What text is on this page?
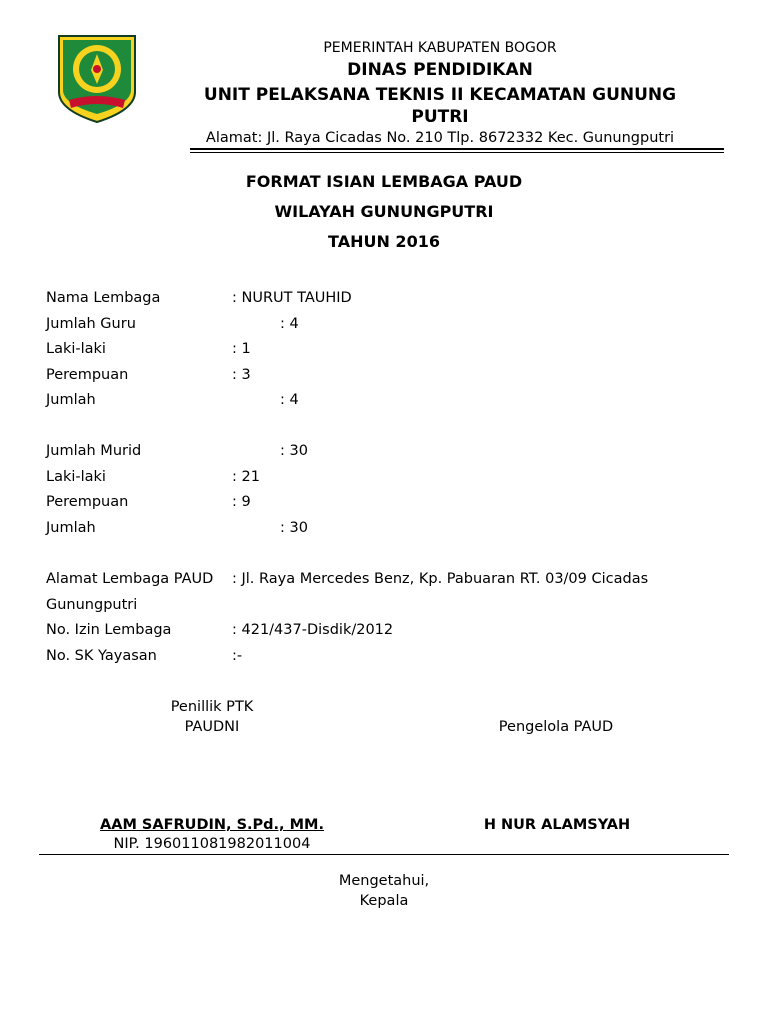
PEMERINTAH KABUPATEN BOGOR
DINAS PENDIDIKAN
UNIT PELAKSANA TEKNIS II KECAMATAN GUNUNG PUTRI
Alamat: Jl. Raya Cicadas No. 210 Tlp. 8672332 Kec. Gunungputri
FORMAT ISIAN LEMBAGA PAUD
WILAYAH GUNUNGPUTRI
TAHUN 2016
Nama Lembaga	: NURUT TAUHID
Jumlah Guru	: 4
Laki-laki	: 1
Perempuan	: 3
Jumlah	: 4
Jumlah Murid	: 30
Laki-laki	: 21
Perempuan	: 9
Jumlah	: 30
Alamat Lembaga PAUD : Jl. Raya Mercedes Benz, Kp. Pabuaran RT. 03/09 Cicadas
Gunungputri
No. Izin Lembaga	: 421/437-Disdik/2012
No. SK Yayasan	:-
Penillik PTK
PAUDNI	Pengelola PAUD
AAM SAFRUDIN, S.Pd., MM.
NIP. 196011081982011004
H NUR ALAMSYAH
Mengetahui,
Kepala
